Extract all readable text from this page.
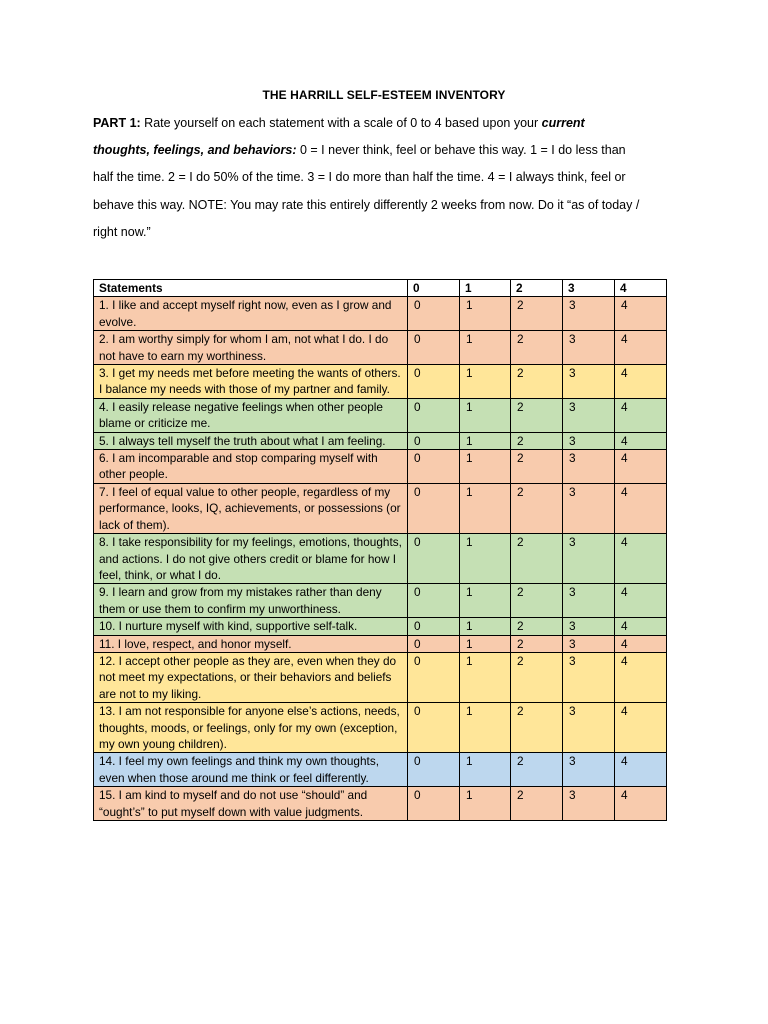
THE HARRILL SELF-ESTEEM INVENTORY
PART 1: Rate yourself on each statement with a scale of 0 to 4 based upon your current thoughts, feelings, and behaviors: 0 = I never think, feel or behave this way. 1 = I do less than half the time. 2 = I do 50% of the time. 3 = I do more than half the time. 4 = I always think, feel or behave this way. NOTE: You may rate this entirely differently 2 weeks from now. Do it “as of today / right now.”
Statements	0	1	2	3	4
1. I like and accept myself right now, even as I grow and evolve.	0	1	2	3	4
2. I am worthy simply for whom I am, not what I do. I do not have to earn my worthiness.	0	1	2	3	4
3. I get my needs met before meeting the wants of others. I balance my needs with those of my partner and family.	0	1	2	3	4
4. I easily release negative feelings when other people blame or criticize me.	0	1	2	3	4
5. I always tell myself the truth about what I am feeling.	0	1	2	3	4
6. I am incomparable and stop comparing myself with other people.	0	1	2	3	4
7. I feel of equal value to other people, regardless of my performance, looks, IQ, achievements, or possessions (or lack of them).	0	1	2	3	4
8. I take responsibility for my feelings, emotions, thoughts, and actions. I do not give others credit or blame for how I feel, think, or what I do.	0	1	2	3	4
9. I learn and grow from my mistakes rather than deny them or use them to confirm my unworthiness.	0	1	2	3	4
10. I nurture myself with kind, supportive self-talk.	0	1	2	3	4
11. I love, respect, and honor myself.	0	1	2	3	4
12. I accept other people as they are, even when they do not meet my expectations, or their behaviors and beliefs are not to my liking.	0	1	2	3	4
13. I am not responsible for anyone else’s actions, needs, thoughts, moods, or feelings, only for my own (exception, my own young children).	0	1	2	3	4
14. I feel my own feelings and think my own thoughts, even when those around me think or feel differently.	0	1	2	3	4
15. I am kind to myself and do not use “should” and “ought’s” to put myself down with value judgments.	0	1	2	3	4
